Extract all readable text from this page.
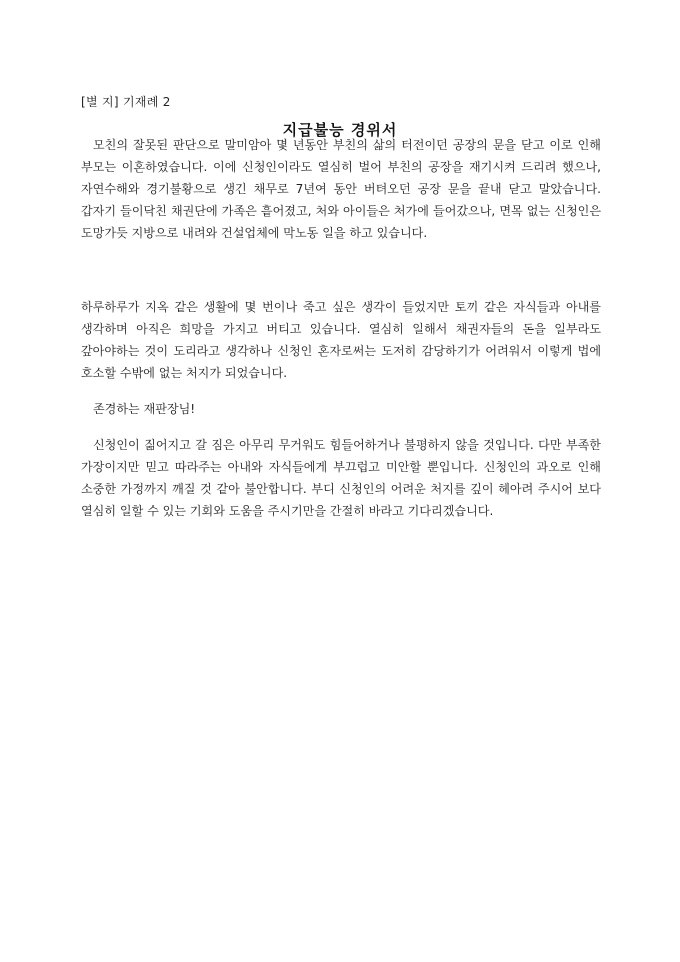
[별 지] 기재례 2
지급불능 경위서

모친의 잘못된 판단으로 말미암아 몇 년동안 부친의 삶의 터전이던 공장의 문을 닫고 이로 인해 부모는 이혼하였습니다. 이에 신청인이라도 열심히 벌어 부친의 공장을 재기시켜 드리려 했으나, 자연수해와 경기불황으로 생긴 채무로 7년여 동안 버텨오던 공장 문을 끝내 닫고 말았습니다. 갑자기 들이닥친 채권단에 가족은 흩어졌고, 처와 아이들은 처가에 들어갔으나, 면목 없는 신청인은 도망가듯 지방으로 내려와 건설업체에 막노동 일을 하고 있습니다.

하루하루가 지옥 같은 생활에 몇 번이나 죽고 싶은 생각이 들었지만 토끼 같은 자식들과 아내를 생각하며 아직은 희망을 가지고 버티고 있습니다. 열심히 일해서 채권자들의 돈을 일부라도 갚아야하는 것이 도리라고 생각하나 신청인 혼자로써는 도저히 감당하기가 어려워서 이렇게 법에 호소할 수밖에 없는 처지가 되었습니다.

존경하는 재판장님!

신청인이 짊어지고 갈 짐은 아무리 무거워도 힘들어하거나 불평하지 않을 것입니다. 다만 부족한 가장이지만 믿고 따라주는 아내와 자식들에게 부끄럽고 미안할 뿐입니다. 신청인의 과오로 인해 소중한 가정까지 깨질 것 같아 불안합니다. 부디 신청인의 어려운 처지를 깊이 헤아려 주시어 보다 열심히 일할 수 있는 기회와 도움을 주시기만을 간절히 바라고 기다리겠습니다.
